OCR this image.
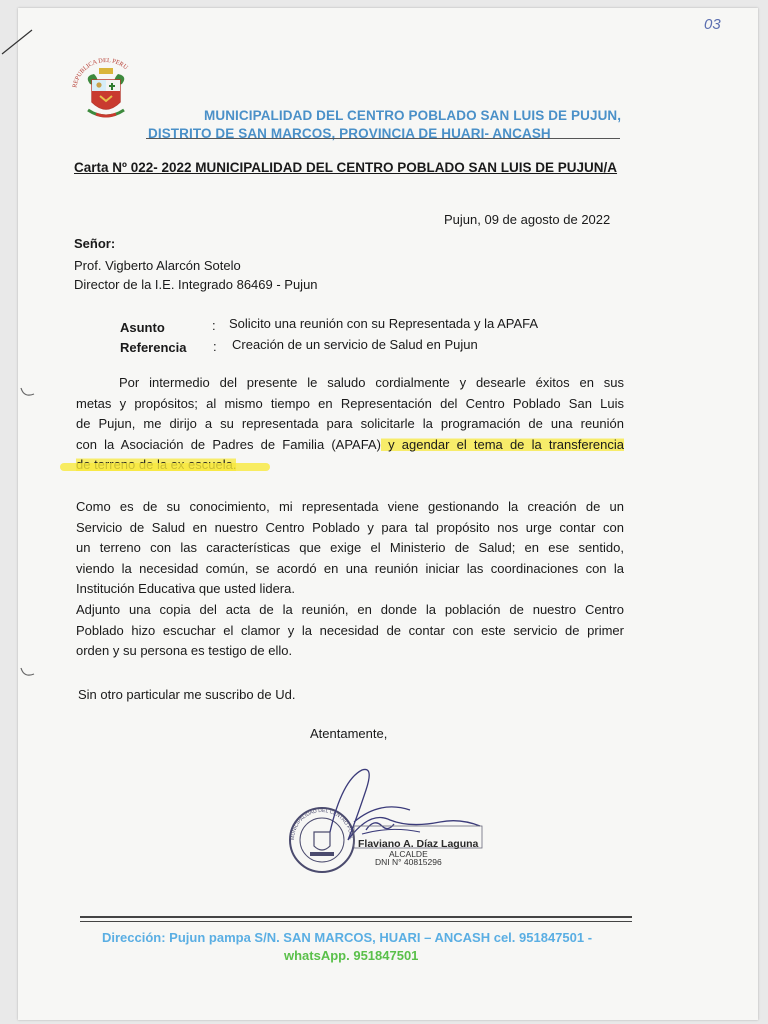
03
REPUBLICA DEL PERU
MUNICIPALIDAD DEL CENTRO POBLADO SAN LUIS DE PUJUN,
DISTRITO DE SAN MARCOS, PROVINCIA DE HUARI- ANCASH
Carta Nº 022- 2022 MUNICIPALIDAD DEL CENTRO POBLADO SAN LUIS DE PUJUN/A
Pujun, 09 de agosto de 2022
Señor:
Prof. Vigberto Alarcón Sotelo
Director de la I.E. Integrado 86469 - Pujun
Asunto	: Solicito una reunión con su Representada y la APAFA
Referencia : Creación de un servicio de Salud en Pujun
Por intermedio del presente le saludo cordialmente y desearle éxitos en sus
metas y propósitos; al mismo tiempo en Representación del Centro Poblado San Luis
de Pujun, me dirijo a su representada para solicitarle la programación de una reunión
con la Asociación de Padres de Familia (APAFA) y agendar el tema de la transferencia
Como es de su conocimiento, mi representada viene gestionando la creación de un
Servicio de Salud en nuestro Centro Poblado y para tal propósito nos urge contar con
un terreno con las características que exige el Ministerio de Salud; en ese sentido,
viendo la necesidad común, se acordó en una reunión iniciar las coordinaciones con la
Institución Educativa que usted lidera.
Adjunto una copia del acta de la reunión, en donde la población de nuestro Centro
Poblado hizo escuchar el clamor y la necesidad de contar con este servicio de primer
orden y su persona es testigo de ello.
Sin otro particular me suscribo de Ud.
Atentamente,
MUNICIPALIDAD DEL CENTRO POBL
Flaviano A. Díaz Laguna
ALCALDE
DNI N° 40815296
Dirección: Pujun pampa S/N. SAN MARCOS, HUARI – ANCASH cel. 951847501 -
whatsApp. 951847501
